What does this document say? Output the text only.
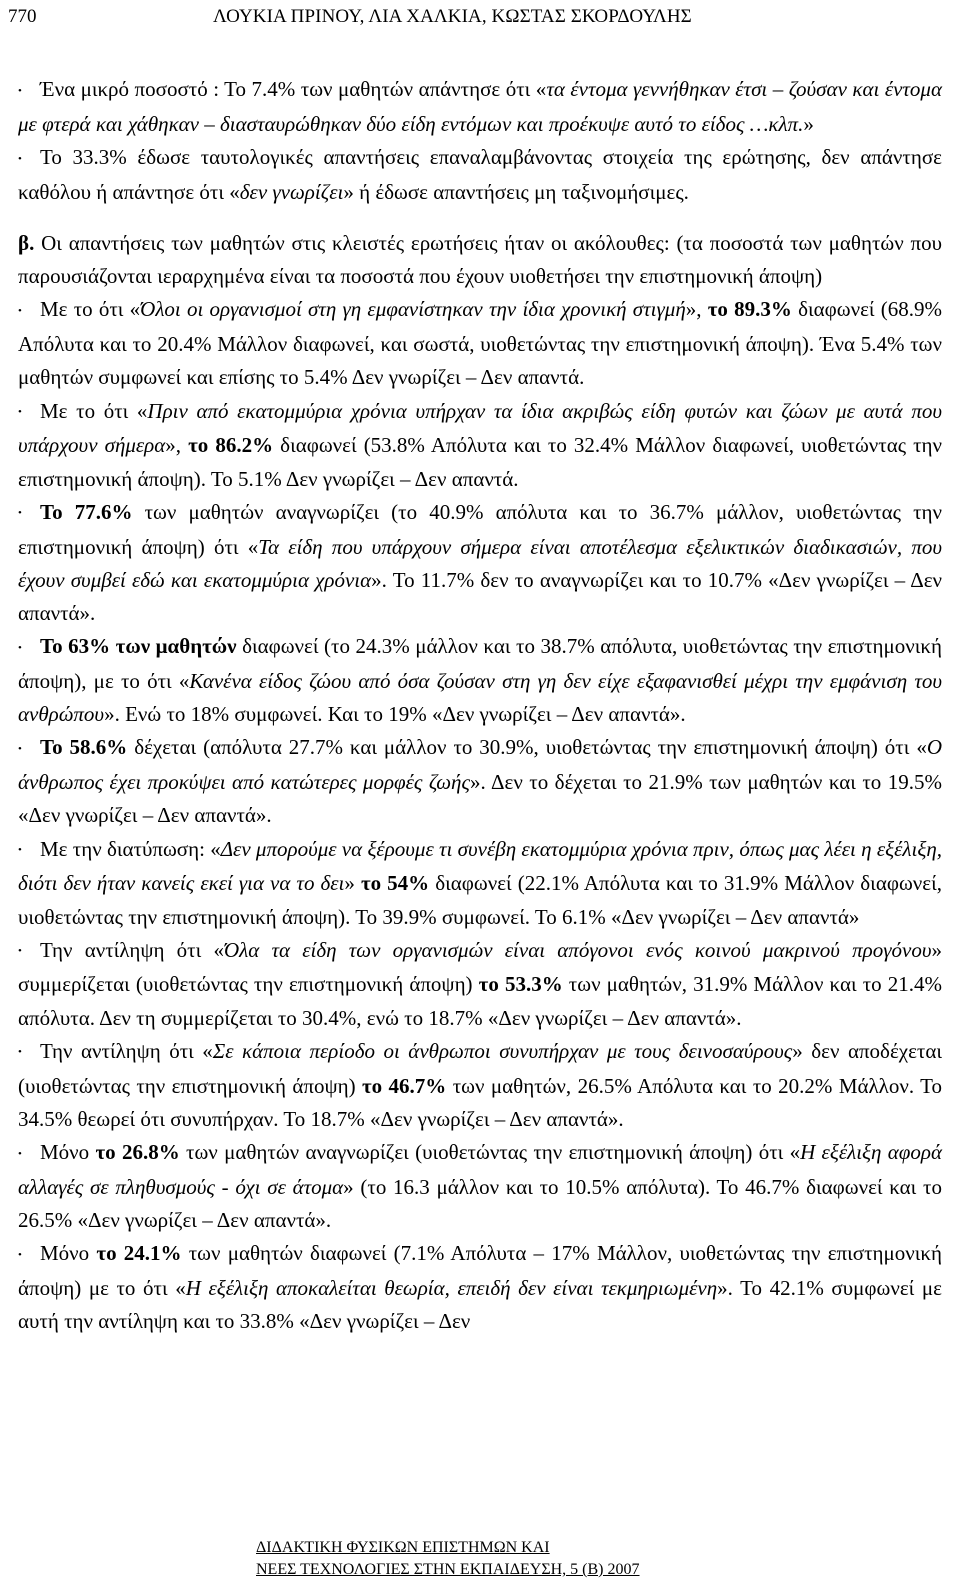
770	ΛΟΥΚΙΑ ΠΡΙΝΟΥ, ΛΙΑ ΧΑΛΚΙΑ, ΚΩΣΤΑΣ ΣΚΟΡΔΟΥΛΗΣ

• Ένα μικρό ποσοστό : Το 7.4% των μαθητών απάντησε ότι «τα έντομα γεννήθηκαν έτσι – ζούσαν και έντομα με φτερά και χάθηκαν – διασταυρώθηκαν δύο είδη εντόμων και προέκυψε αυτό το είδος …κλπ.»

• Το 33.3% έδωσε ταυτολογικές απαντήσεις επαναλαμβάνοντας στοιχεία της ερώτησης, δεν απάντησε καθόλου ή απάντησε ότι «δεν γνωρίζει» ή έδωσε απαντήσεις μη ταξινομήσιμες.

β. Οι απαντήσεις των μαθητών στις κλειστές ερωτήσεις ήταν οι ακόλουθες: (τα ποσοστά των μαθητών που παρουσιάζονται ιεραρχημένα είναι τα ποσοστά που έχουν υιοθετήσει την επιστημονική άποψη)

• Με το ότι «Όλοι οι οργανισμοί στη γη εμφανίστηκαν την ίδια χρονική στιγμή», το 89.3% διαφωνεί (68.9% Απόλυτα και το 20.4% Μάλλον διαφωνεί, και σωστά, υιοθετώντας την επιστημονική άποψη). Ένα 5.4% των μαθητών συμφωνεί και επίσης το 5.4% Δεν γνωρίζει – Δεν απαντά.

• Με το ότι «Πριν από εκατομμύρια χρόνια υπήρχαν τα ίδια ακριβώς είδη φυτών και ζώων με αυτά που υπάρχουν σήμερα», το 86.2% διαφωνεί (53.8% Απόλυτα και το 32.4% Μάλλον διαφωνεί, υιοθετώντας την επιστημονική άποψη). Το 5.1% Δεν γνωρίζει – Δεν απαντά.

• Το 77.6% των μαθητών αναγνωρίζει (το 40.9% απόλυτα και το 36.7% μάλλον, υιοθετώντας την επιστημονική άποψη) ότι «Τα είδη που υπάρχουν σήμερα είναι αποτέλεσμα εξελικτικών διαδικασιών, που έχουν συμβεί εδώ και εκατομμύρια χρόνια». Το 11.7% δεν το αναγνωρίζει και το 10.7% «Δεν γνωρίζει – Δεν απαντά».

• Το 63% των μαθητών διαφωνεί (το 24.3% μάλλον και το 38.7% απόλυτα, υιοθετώντας την επιστημονική άποψη), με το ότι «Κανένα είδος ζώου από όσα ζούσαν στη γη δεν είχε εξαφανισθεί μέχρι την εμφάνιση του ανθρώπου». Ενώ το 18% συμφωνεί. Και το 19% «Δεν γνωρίζει – Δεν απαντά».

• Το 58.6% δέχεται (απόλυτα 27.7% και μάλλον το 30.9%, υιοθετώντας την επιστημονική άποψη) ότι «Ο άνθρωπος έχει προκύψει από κατώτερες μορφές ζωής». Δεν το δέχεται το 21.9% των μαθητών και το 19.5% «Δεν γνωρίζει – Δεν απαντά».

• Με την διατύπωση: «Δεν μπορούμε να ξέρουμε τι συνέβη εκατομμύρια χρόνια πριν, όπως μας λέει η εξέλιξη, διότι δεν ήταν κανείς εκεί για να το δει» το 54% διαφωνεί (22.1% Απόλυτα και το 31.9% Μάλλον διαφωνεί, υιοθετώντας την επιστημονική άποψη). Το 39.9% συμφωνεί. Το 6.1% «Δεν γνωρίζει – Δεν απαντά»

• Την αντίληψη ότι «Όλα τα είδη των οργανισμών είναι απόγονοι ενός κοινού μακρινού προγόνου» συμμερίζεται (υιοθετώντας την επιστημονική άποψη) το 53.3% των μαθητών, 31.9% Μάλλον και το 21.4% απόλυτα. Δεν τη συμμερίζεται το 30.4%, ενώ το 18.7% «Δεν γνωρίζει – Δεν απαντά».

• Την αντίληψη ότι «Σε κάποια περίοδο οι άνθρωποι συνυπήρχαν με τους δεινοσαύρους» δεν αποδέχεται (υιοθετώντας την επιστημονική άποψη) το 46.7% των μαθητών, 26.5% Απόλυτα και το 20.2% Μάλλον. Το 34.5% θεωρεί ότι συνυπήρχαν. Το 18.7% «Δεν γνωρίζει – Δεν απαντά».

• Μόνο το 26.8% των μαθητών αναγνωρίζει (υιοθετώντας την επιστημονική άποψη) ότι «Η εξέλιξη αφορά αλλαγές σε πληθυσμούς - όχι σε άτομα» (το 16.3 μάλλον και το 10.5% απόλυτα). Το 46.7% διαφωνεί και το 26.5% «Δεν γνωρίζει – Δεν απαντά».

• Μόνο το 24.1% των μαθητών διαφωνεί (7.1% Απόλυτα – 17% Μάλλον, υιοθετώντας την επιστημονική άποψη) με το ότι «Η εξέλιξη αποκαλείται θεωρία, επειδή δεν είναι τεκμηριωμένη». Το 42.1% συμφωνεί με αυτή την αντίληψη και το 33.8% «Δεν γνωρίζει – Δεν

ΔΙΔΑΚΤΙΚΗ ΦΥΣΙΚΩΝ ΕΠΙΣΤΗΜΩΝ ΚΑΙ
ΝΕΕΣ ΤΕΧΝΟΛΟΓΙΕΣ ΣΤΗΝ ΕΚΠΑΙΔΕΥΣΗ, 5 (Β) 2007
